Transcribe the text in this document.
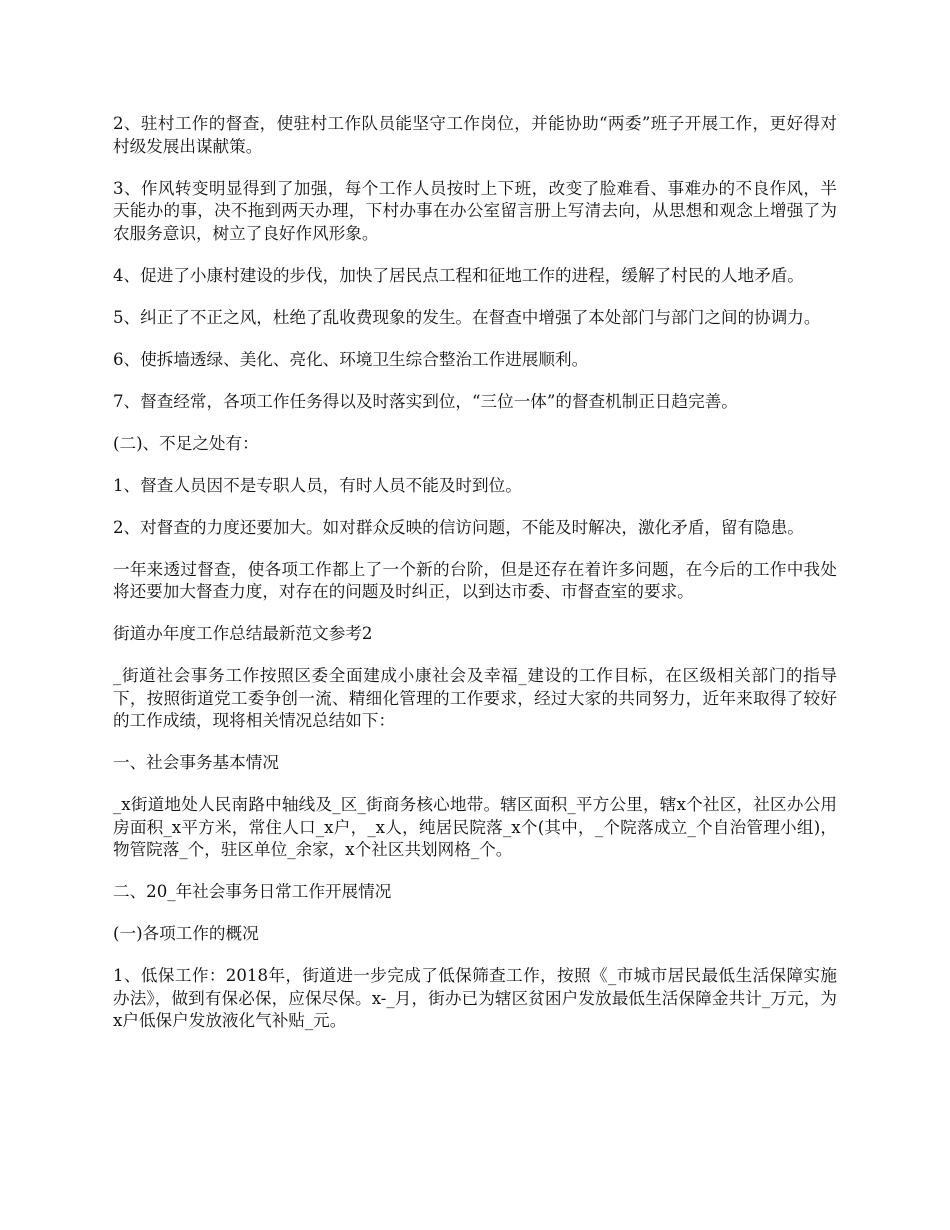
2、驻村工作的督查，使驻村工作队员能坚守工作岗位，并能协助“两委”班子开展工作，更好得对村级发展出谋献策。

3、作风转变明显得到了加强，每个工作人员按时上下班，改变了脸难看、事难办的不良作风，半天能办的事，决不拖到两天办理，下村办事在办公室留言册上写清去向，从思想和观念上增强了为农服务意识，树立了良好作风形象。

4、促进了小康村建设的步伐，加快了居民点工程和征地工作的进程，缓解了村民的人地矛盾。

5、纠正了不正之风，杜绝了乱收费现象的发生。在督查中增强了本处部门与部门之间的协调力。

6、使拆墙透绿、美化、亮化、环境卫生综合整治工作进展顺利。

7、督查经常，各项工作任务得以及时落实到位，“三位一体”的督查机制正日趋完善。

(二)、不足之处有：

1、督查人员因不是专职人员，有时人员不能及时到位。

2、对督查的力度还要加大。如对群众反映的信访问题，不能及时解决，激化矛盾，留有隐患。

一年来透过督查，使各项工作都上了一个新的台阶，但是还存在着许多问题，在今后的工作中我处将还要加大督查力度，对存在的问题及时纠正，以到达市委、市督查室的要求。

街道办年度工作总结最新范文参考2

_街道社会事务工作按照区委全面建成小康社会及幸福_建设的工作目标，在区级相关部门的指导下，按照街道党工委争创一流、精细化管理的工作要求，经过大家的共同努力，近年来取得了较好的工作成绩，现将相关情况总结如下：

一、社会事务基本情况

_x街道地处人民南路中轴线及_区_街商务核心地带。辖区面积_平方公里，辖x个社区，社区办公用房面积_x平方米，常住人口_x户，_x人，纯居民院落_x个(其中，_个院落成立_个自治管理小组)，物管院落_个，驻区单位_余家，x个社区共划网格_个。

二、20_年社会事务日常工作开展情况

(一)各项工作的概况

1、低保工作：2018年，街道进一步完成了低保筛查工作，按照《_市城市居民最低生活保障实施办法》，做到有保必保，应保尽保。x-_月，街办已为辖区贫困户发放最低生活保障金共计_万元，为x户低保户发放液化气补贴_元。
